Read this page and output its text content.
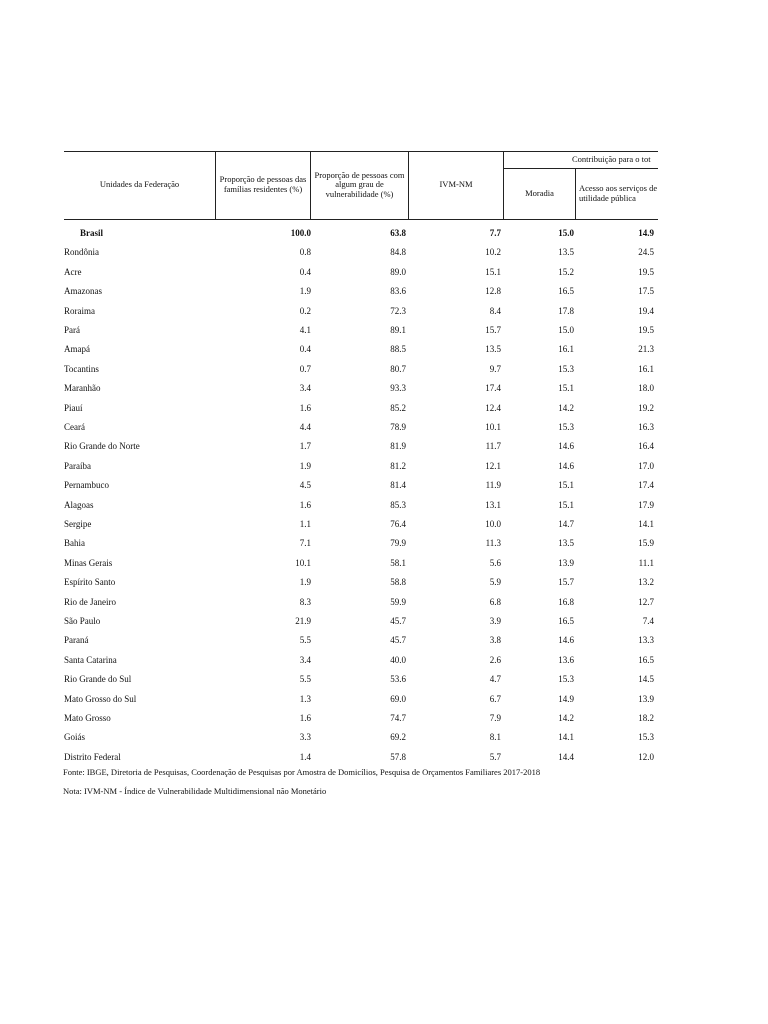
Unidades da Federação	Proporção de pessoas das famílias residentes (%)
Proporção de pessoas com algum grau de vulnerabilidade (%)
IVM-NM
Contribuição para o tot
Moradia	Acesso aos serviços de utilidade pública
Brasil	100.0	63.8	7.7	15.0	14.9
Rondônia	0.8	84.8	10.2	13.5	24.5
Acre	0.4	89.0	15.1	15.2	19.5
Amazonas	1.9	83.6	12.8	16.5	17.5
Roraima	0.2	72.3	8.4	17.8	19.4
Pará	4.1	89.1	15.7	15.0	19.5
Amapá	0.4	88.5	13.5	16.1	21.3
Tocantins	0.7	80.7	9.7	15.3	16.1
Maranhão	3.4	93.3	17.4	15.1	18.0
Piauí	1.6	85.2	12.4	14.2	19.2
Ceará	4.4	78.9	10.1	15.3	16.3
Rio Grande do Norte	1.7	81.9	11.7	14.6	16.4
Paraíba	1.9	81.2	12.1	14.6	17.0
Pernambuco	4.5	81.4	11.9	15.1	17.4
Alagoas	1.6	85.3	13.1	15.1	17.9
Sergipe	1.1	76.4	10.0	14.7	14.1
Bahia	7.1	79.9	11.3	13.5	15.9
Minas Gerais	10.1	58.1	5.6	13.9	11.1
Espírito Santo	1.9	58.8	5.9	15.7	13.2
Rio de Janeiro	8.3	59.9	6.8	16.8	12.7
São Paulo	21.9	45.7	3.9	16.5	7.4
Paraná	5.5	45.7	3.8	14.6	13.3
Santa Catarina	3.4	40.0	2.6	13.6	16.5
Rio Grande do Sul	5.5	53.6	4.7	15.3	14.5
Mato Grosso do Sul	1.3	69.0	6.7	14.9	13.9
Mato Grosso	1.6	74.7	7.9	14.2	18.2
Goiás	3.3	69.2	8.1	14.1	15.3
Distrito Federal	1.4	57.8	5.7	14.4	12.0
Fonte: IBGE, Diretoria de Pesquisas, Coordenação de Pesquisas por Amostra de Domicílios, Pesquisa de Orçamentos Familiares 2017-2018
Nota: IVM-NM - Índice de Vulnerabilidade Multidimensional não Monetário
